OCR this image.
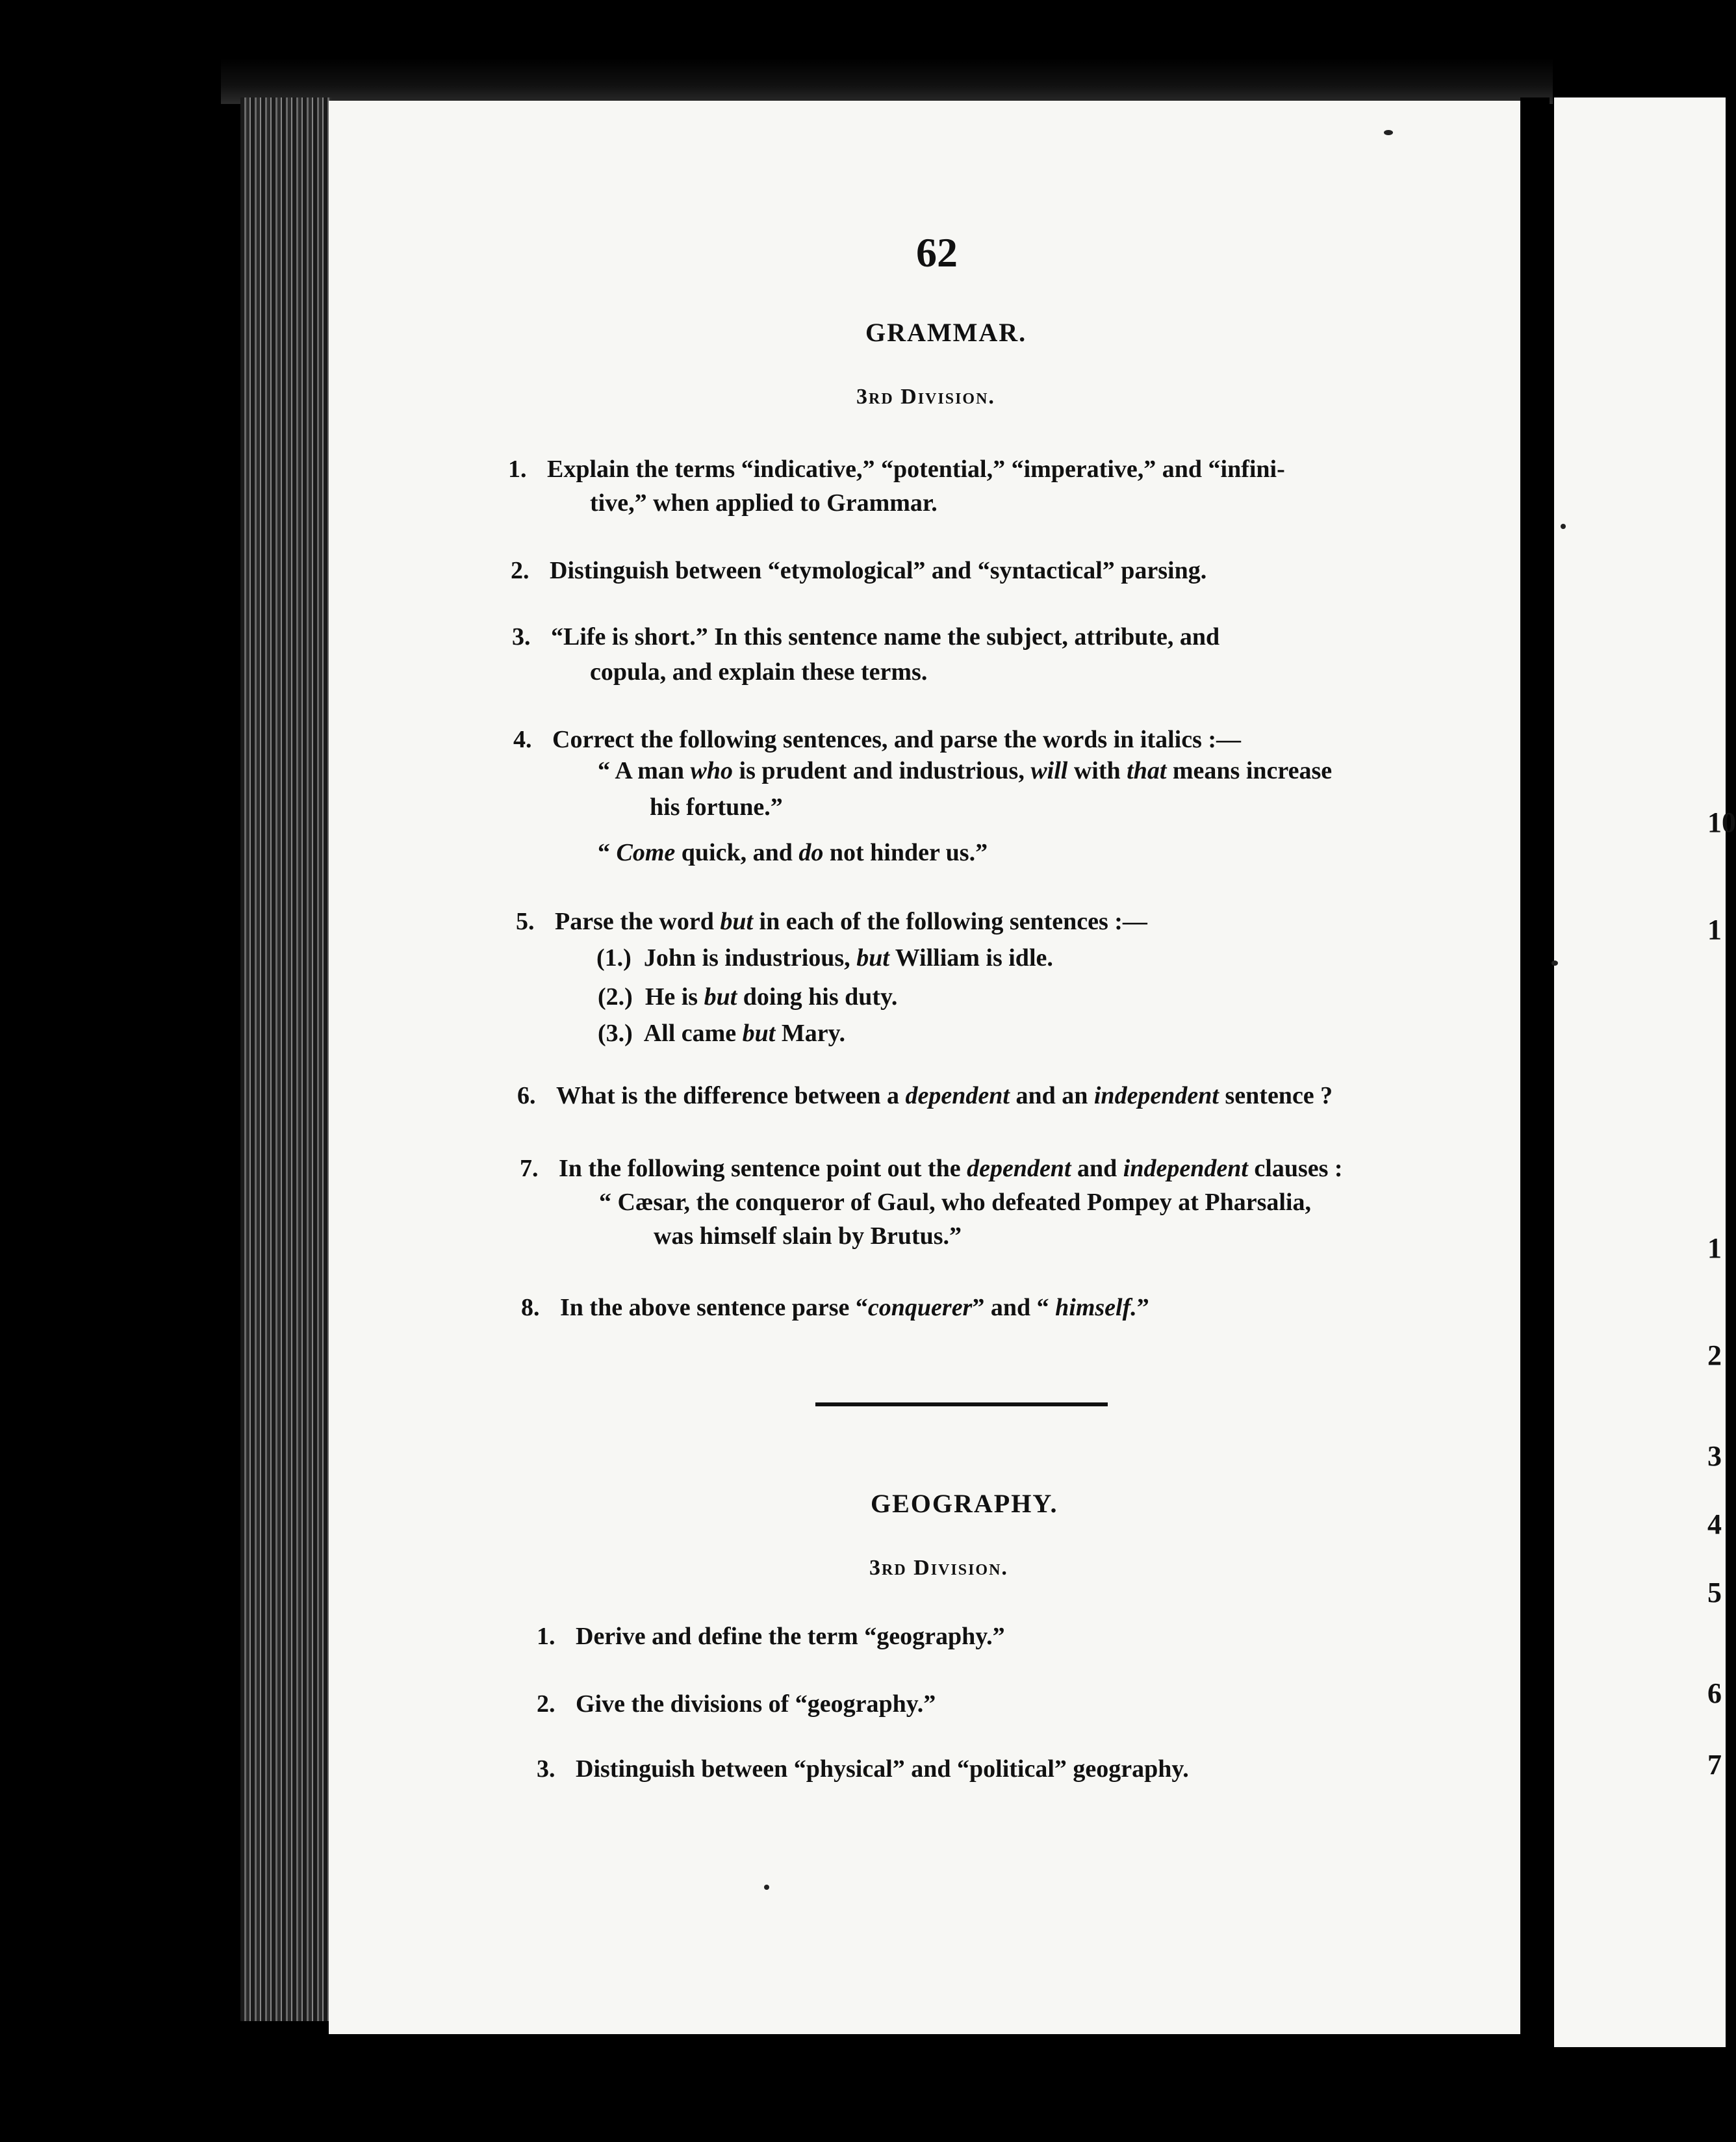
10
1
1
2
3
4
5
6
7
62
GRAMMAR.
3rd Division.
1. Explain the terms “indicative,” “potential,” “imperative,” and “infini-
tive,” when applied to Grammar.
2. Distinguish between “etymological” and “syntactical” parsing.
3. “Life is short.” In this sentence name the subject, attribute, and
copula, and explain these terms.
4. Correct the following sentences, and parse the words in italics :—
“ A man who is prudent and industrious, will with that means increase
his fortune.”
“ Come quick, and do not hinder us.”
5. Parse the word but in each of the following sentences :—
(1.) John is industrious, but William is idle.
(2.) He is but doing his duty.
(3.) All came but Mary.
6. What is the difference between a dependent and an independent sentence ?
7. In the following sentence point out the dependent and independent clauses :
“ Cæsar, the conqueror of Gaul, who defeated Pompey at Pharsalia,
was himself slain by Brutus.”
8. In the above sentence parse “conquerer” and “ himself.”
GEOGRAPHY.
3rd Division.
1. Derive and define the term “geography.”
2. Give the divisions of “geography.”
3. Distinguish between “physical” and “political” geography.
